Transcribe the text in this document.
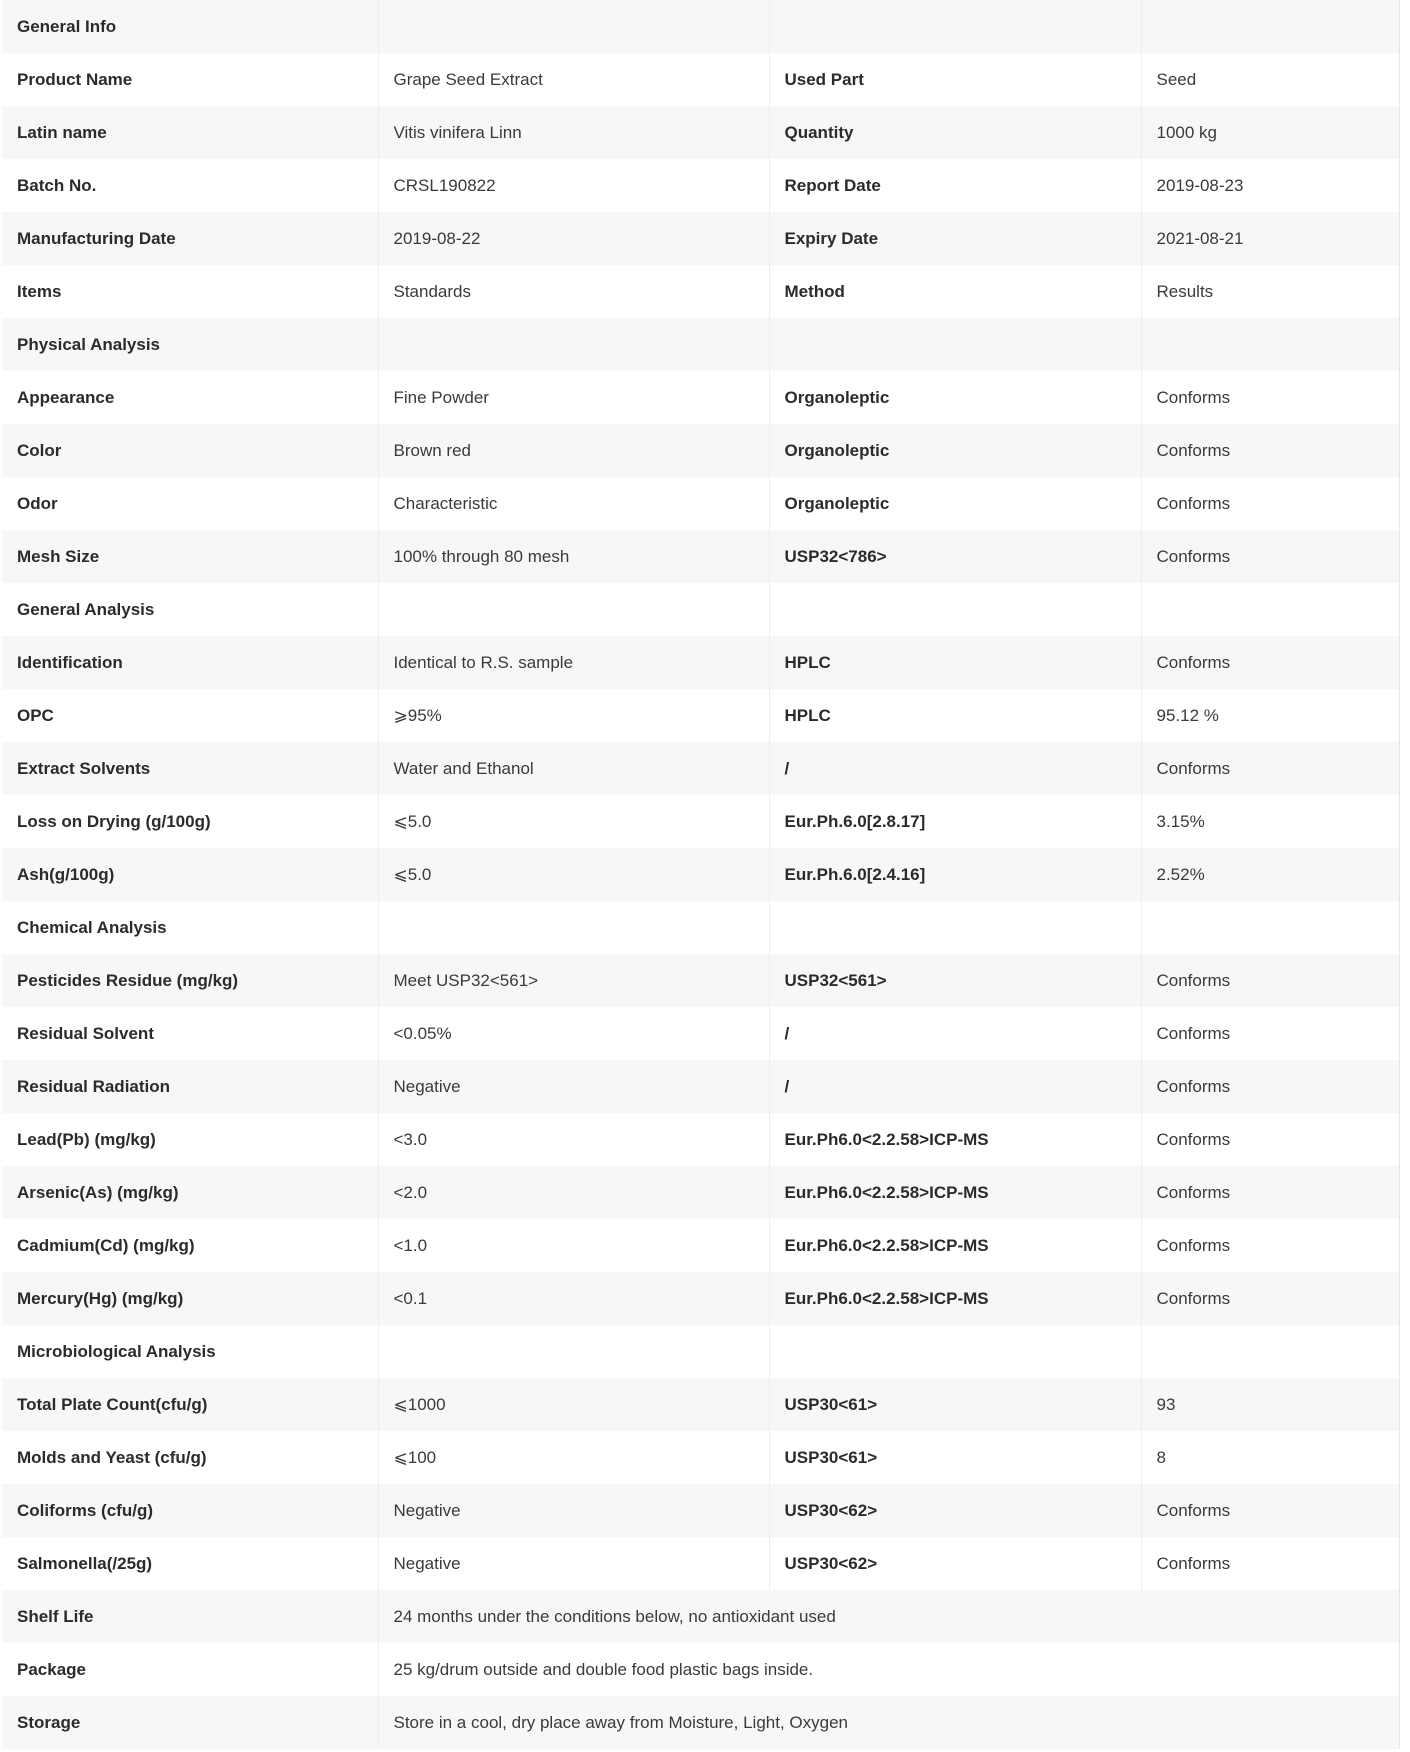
General Info			
Product Name	Grape Seed Extract	Used Part	Seed
Latin name	Vitis vinifera Linn	Quantity	1000 kg
Batch No.	CRSL190822	Report Date	2019-08-23
Manufacturing Date	2019-08-22	Expiry Date	2021-08-21
Items	Standards	Method	Results
Physical Analysis			
Appearance	Fine Powder	Organoleptic	Conforms
Color	Brown red	Organoleptic	Conforms
Odor	Characteristic	Organoleptic	Conforms
Mesh Size	100% through 80 mesh	USP32<786>	Conforms
General Analysis			
Identification	Identical to R.S. sample	HPLC	Conforms
OPC	⩾95%	HPLC	95.12 %
Extract Solvents	Water and Ethanol	/	Conforms
Loss on Drying (g/100g)	⩽5.0	Eur.Ph.6.0[2.8.17]	3.15%
Ash(g/100g)	⩽5.0	Eur.Ph.6.0[2.4.16]	2.52%
Chemical Analysis			
Pesticides Residue (mg/kg)	Meet USP32<561>	USP32<561>	Conforms
Residual Solvent	<0.05%	/	Conforms
Residual Radiation	Negative	/	Conforms
Lead(Pb) (mg/kg)	<3.0	Eur.Ph6.0<2.2.58>ICP-MS	Conforms
Arsenic(As) (mg/kg)	<2.0	Eur.Ph6.0<2.2.58>ICP-MS	Conforms
Cadmium(Cd) (mg/kg)	<1.0	Eur.Ph6.0<2.2.58>ICP-MS	Conforms
Mercury(Hg) (mg/kg)	<0.1	Eur.Ph6.0<2.2.58>ICP-MS	Conforms
Microbiological Analysis			
Total Plate Count(cfu/g)	⩽1000	USP30<61>	93
Molds and Yeast (cfu/g)	⩽100	USP30<61>	8
Coliforms (cfu/g)	Negative	USP30<62>	Conforms
Salmonella(/25g)	Negative	USP30<62>	Conforms
Shelf Life	24 months under the conditions below, no antioxidant used		
Package	25 kg/drum outside and double food plastic bags inside.		
Storage	Store in a cool, dry place away from Moisture, Light, Oxygen		
